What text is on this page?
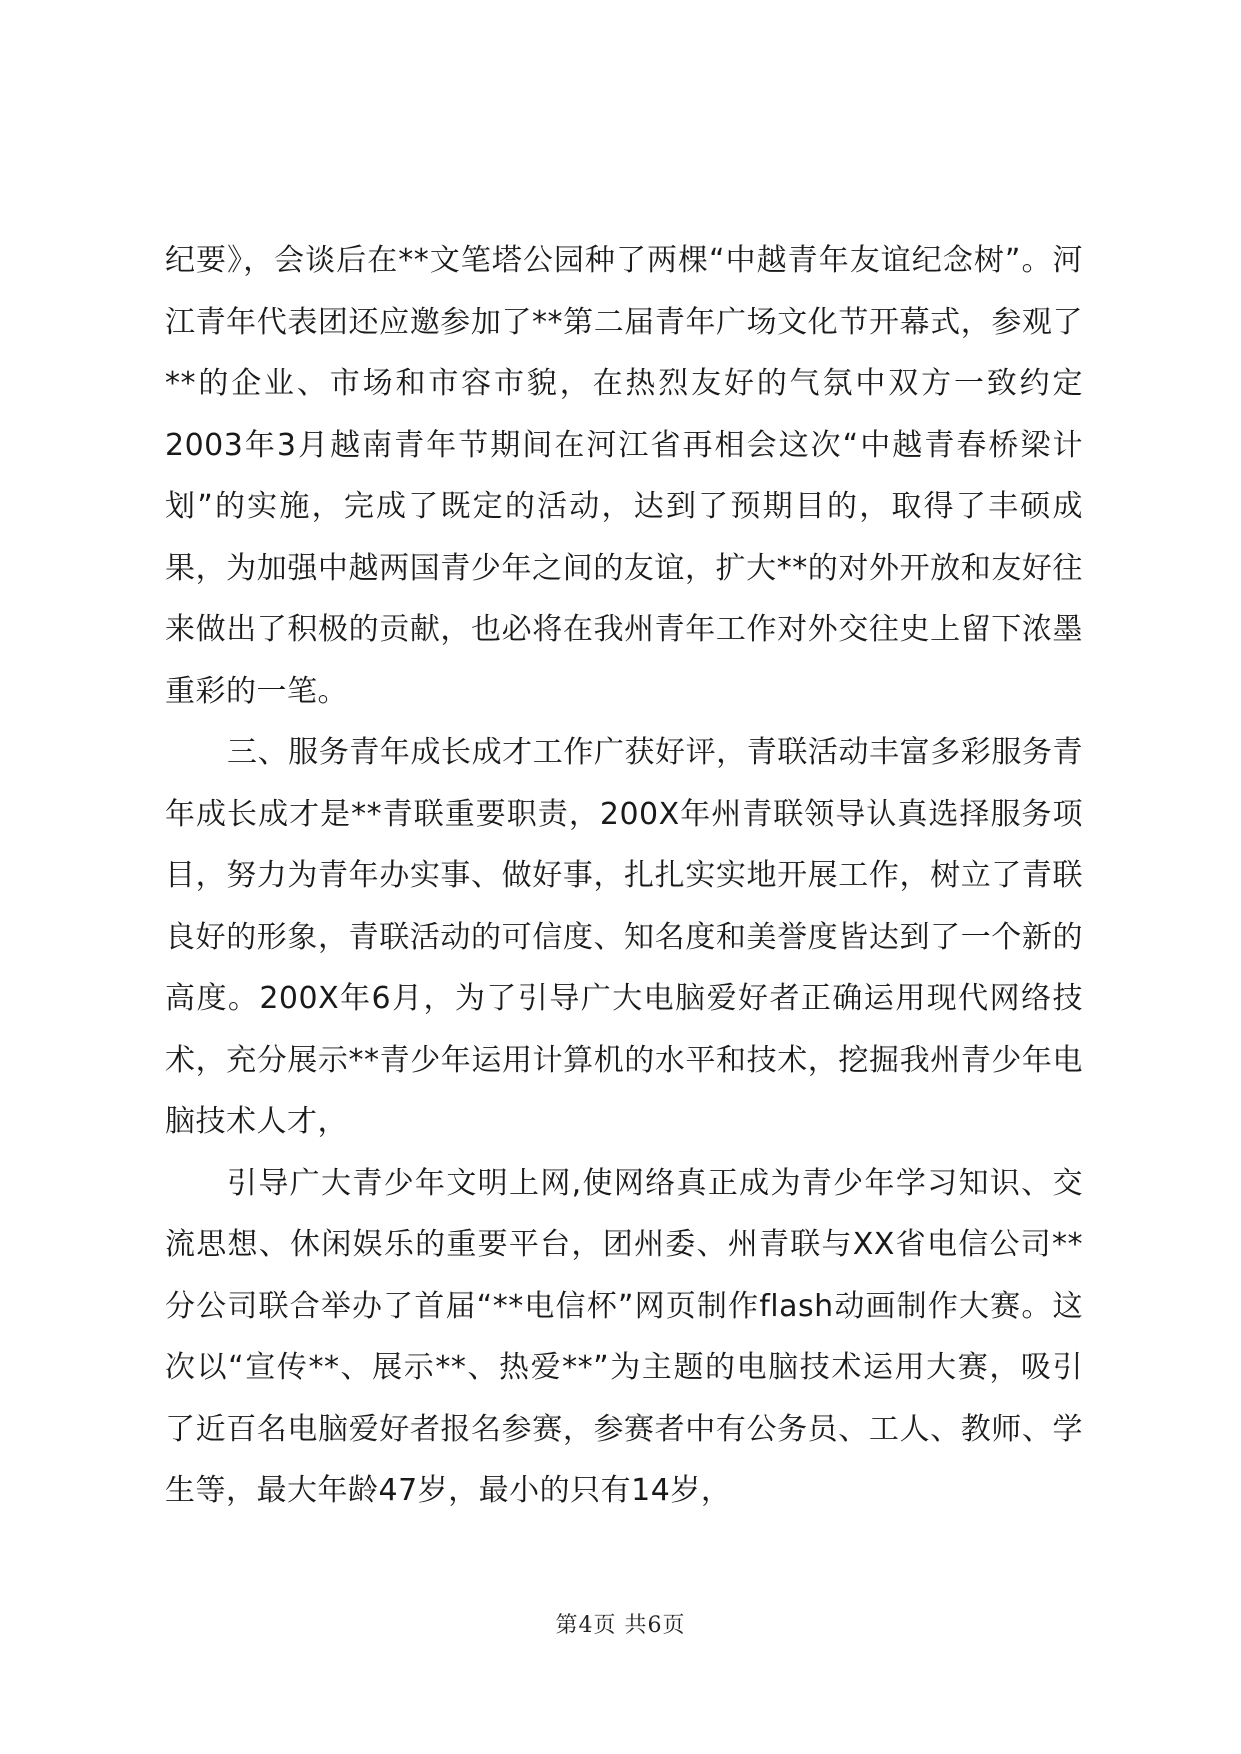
纪要》，会谈后在**文笔塔公园种了两棵“中越青年友谊纪念树”。河江青年代表团还应邀参加了**第二届青年广场文化节开幕式，参观了**的企业、市场和市容市貌，在热烈友好的气氛中双方一致约定2003年3月越南青年节期间在河江省再相会这次“中越青春桥梁计划”的实施，完成了既定的活动，达到了预期目的，取得了丰硕成果，为加强中越两国青少年之间的友谊，扩大**的对外开放和友好往来做出了积极的贡献，也必将在我州青年工作对外交往史上留下浓墨重彩的一笔。

三、服务青年成长成才工作广获好评，青联活动丰富多彩服务青年成长成才是**青联重要职责，200X年州青联领导认真选择服务项目，努力为青年办实事、做好事，扎扎实实地开展工作，树立了青联良好的形象，青联活动的可信度、知名度和美誉度皆达到了一个新的高度。200X年6月，为了引导广大电脑爱好者正确运用现代网络技术，充分展示**青少年运用计算机的水平和技术，挖掘我州青少年电脑技术人才，

引导广大青少年文明上网,使网络真正成为青少年学习知识、交流思想、休闲娱乐的重要平台，团州委、州青联与XX省电信公司**分公司联合举办了首届“**电信杯”网页制作flash动画制作大赛。这次以“宣传**、展示**、热爱**”为主题的电脑技术运用大赛，吸引了近百名电脑爱好者报名参赛，参赛者中有公务员、工人、教师、学生等，最大年龄47岁，最小的只有14岁，

第4页 共6页
